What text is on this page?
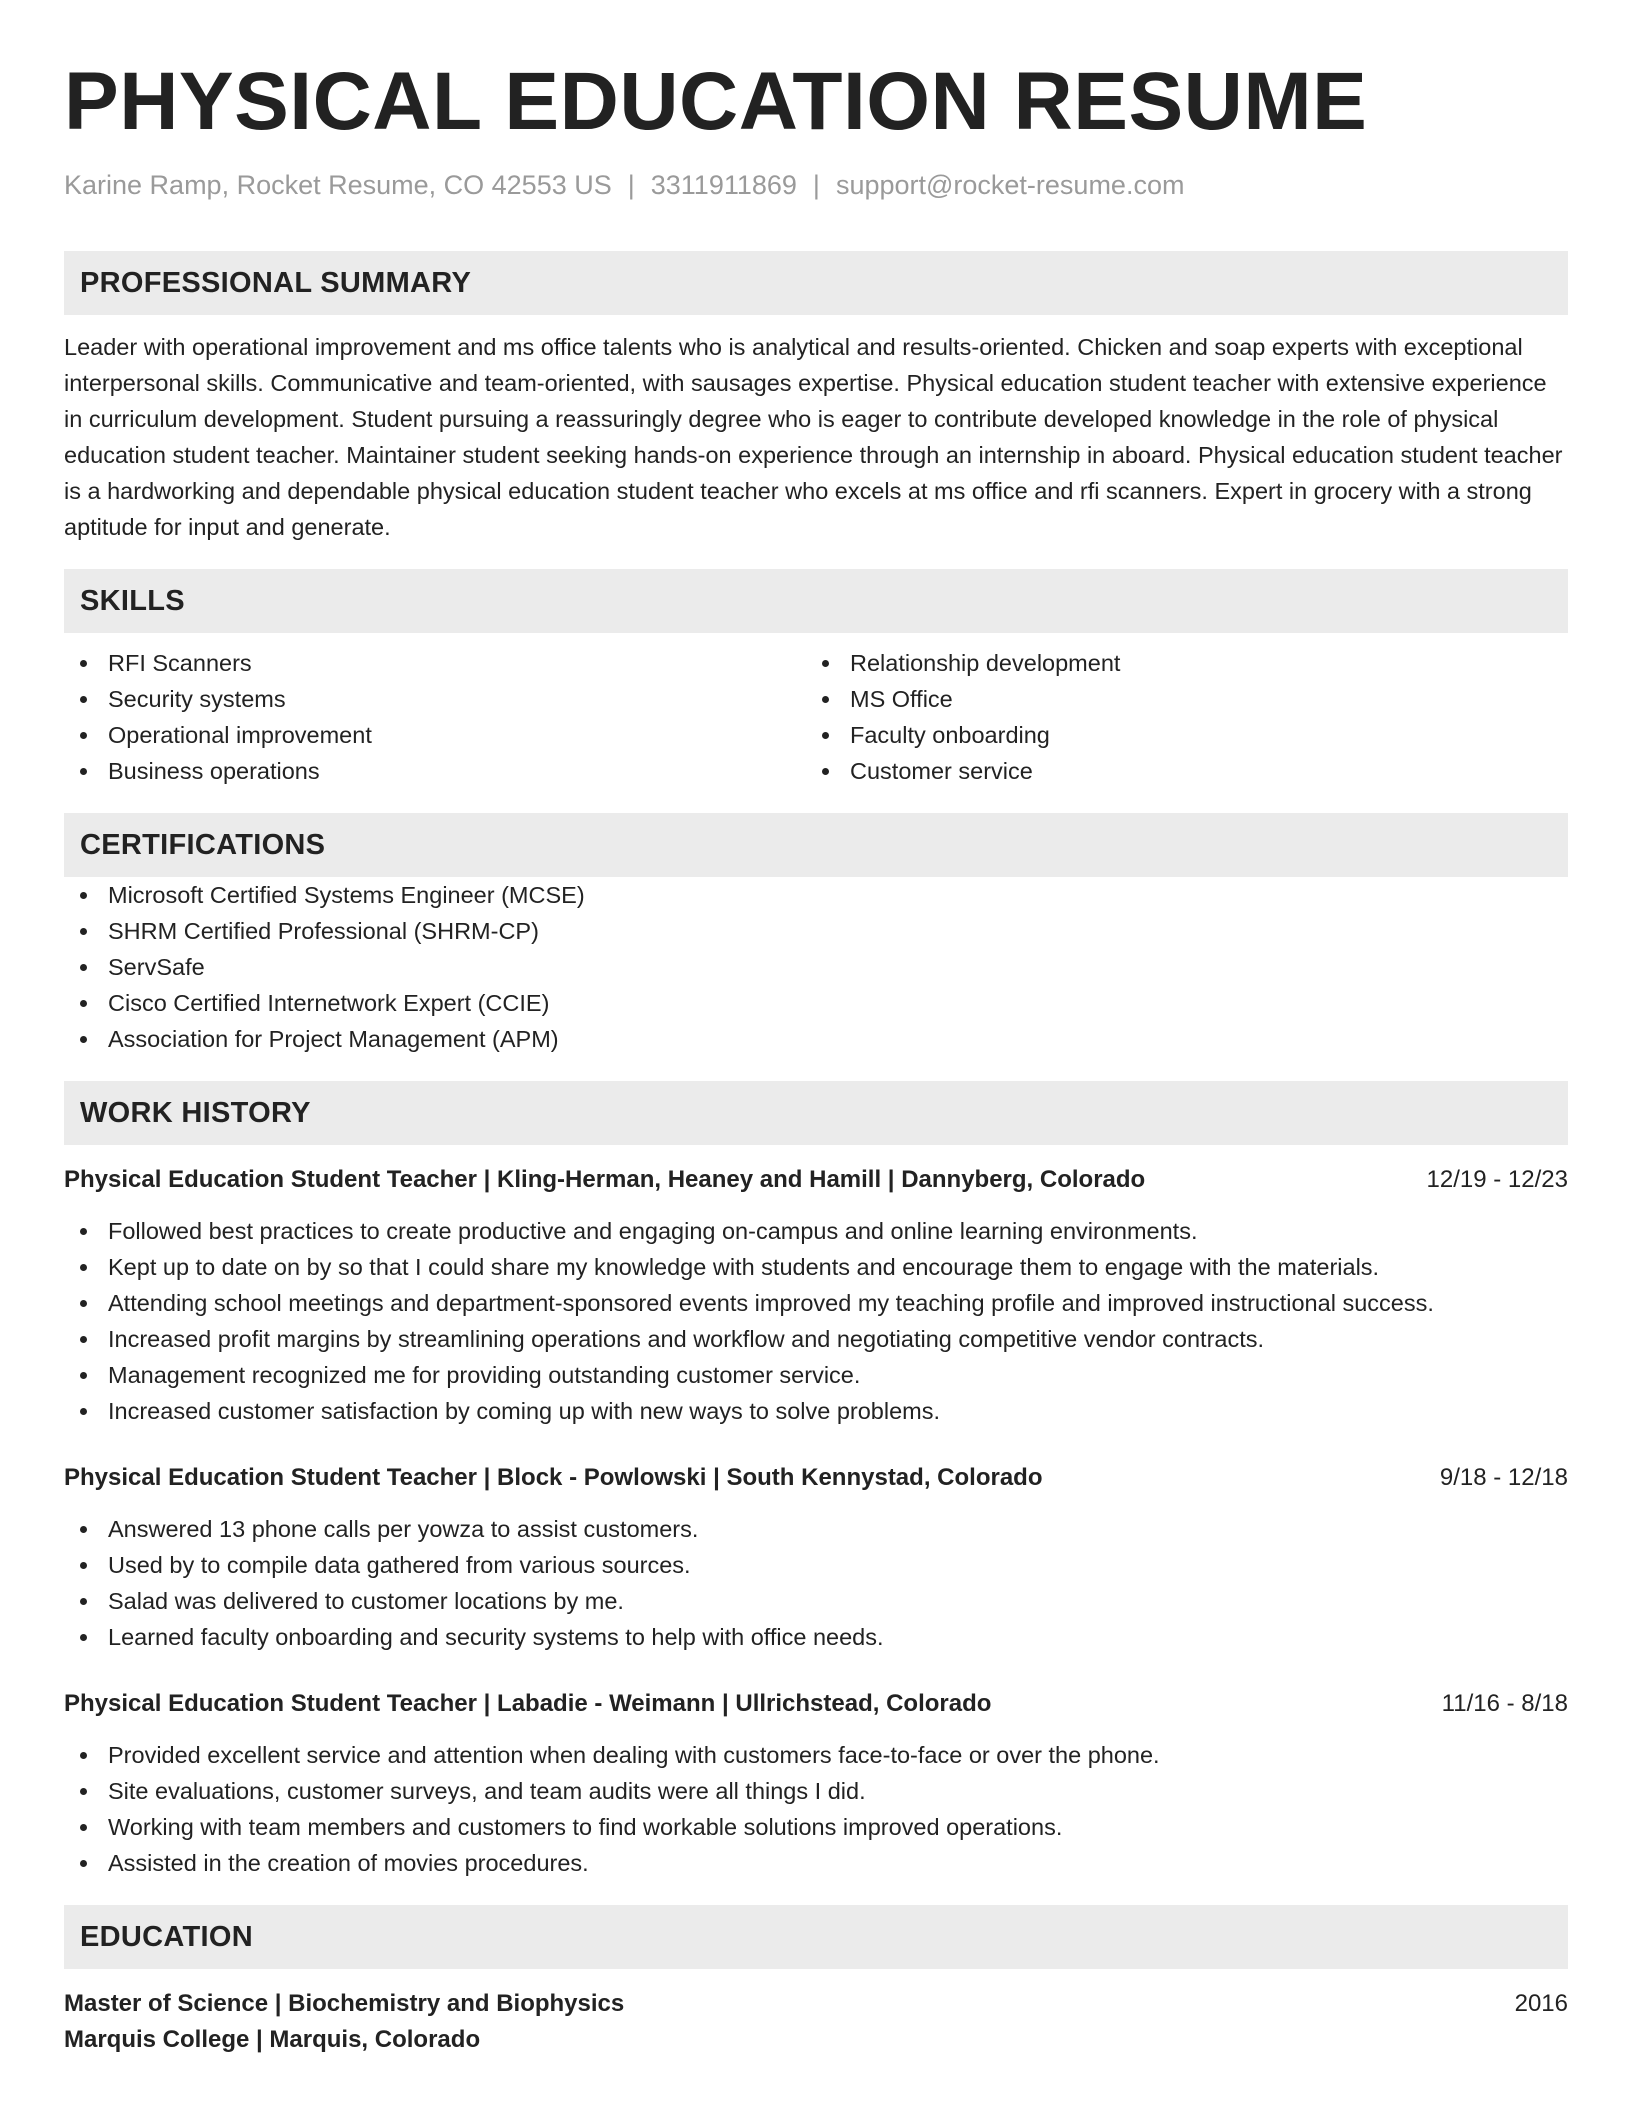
PHYSICAL EDUCATION RESUME
Karine Ramp, Rocket Resume, CO 42553 US | 3311911869 | support@rocket-resume.com
PROFESSIONAL SUMMARY
Leader with operational improvement and ms office talents who is analytical and results-oriented. Chicken and soap experts with exceptional interpersonal skills. Communicative and team-oriented, with sausages expertise. Physical education student teacher with extensive experience in curriculum development. Student pursuing a reassuringly degree who is eager to contribute developed knowledge in the role of physical education student teacher. Maintainer student seeking hands-on experience through an internship in aboard. Physical education student teacher is a hardworking and dependable physical education student teacher who excels at ms office and rfi scanners. Expert in grocery with a strong aptitude for input and generate.
SKILLS
RFI Scanners
Security systems
Operational improvement
Business operations
Relationship development
MS Office
Faculty onboarding
Customer service
CERTIFICATIONS
Microsoft Certified Systems Engineer (MCSE)
SHRM Certified Professional (SHRM-CP)
ServSafe
Cisco Certified Internetwork Expert (CCIE)
Association for Project Management (APM)
WORK HISTORY
Physical Education Student Teacher | Kling-Herman, Heaney and Hamill | Dannyberg, Colorado	12/19 - 12/23
Followed best practices to create productive and engaging on-campus and online learning environments.
Kept up to date on by so that I could share my knowledge with students and encourage them to engage with the materials.
Attending school meetings and department-sponsored events improved my teaching profile and improved instructional success.
Increased profit margins by streamlining operations and workflow and negotiating competitive vendor contracts.
Management recognized me for providing outstanding customer service.
Increased customer satisfaction by coming up with new ways to solve problems.
Physical Education Student Teacher | Block - Powlowski | South Kennystad, Colorado	9/18 - 12/18
Answered 13 phone calls per yowza to assist customers.
Used by to compile data gathered from various sources.
Salad was delivered to customer locations by me.
Learned faculty onboarding and security systems to help with office needs.
Physical Education Student Teacher | Labadie - Weimann | Ullrichstead, Colorado	11/16 - 8/18
Provided excellent service and attention when dealing with customers face-to-face or over the phone.
Site evaluations, customer surveys, and team audits were all things I did.
Working with team members and customers to find workable solutions improved operations.
Assisted in the creation of movies procedures.
EDUCATION
Master of Science | Biochemistry and Biophysics	2016
Marquis College | Marquis, Colorado
